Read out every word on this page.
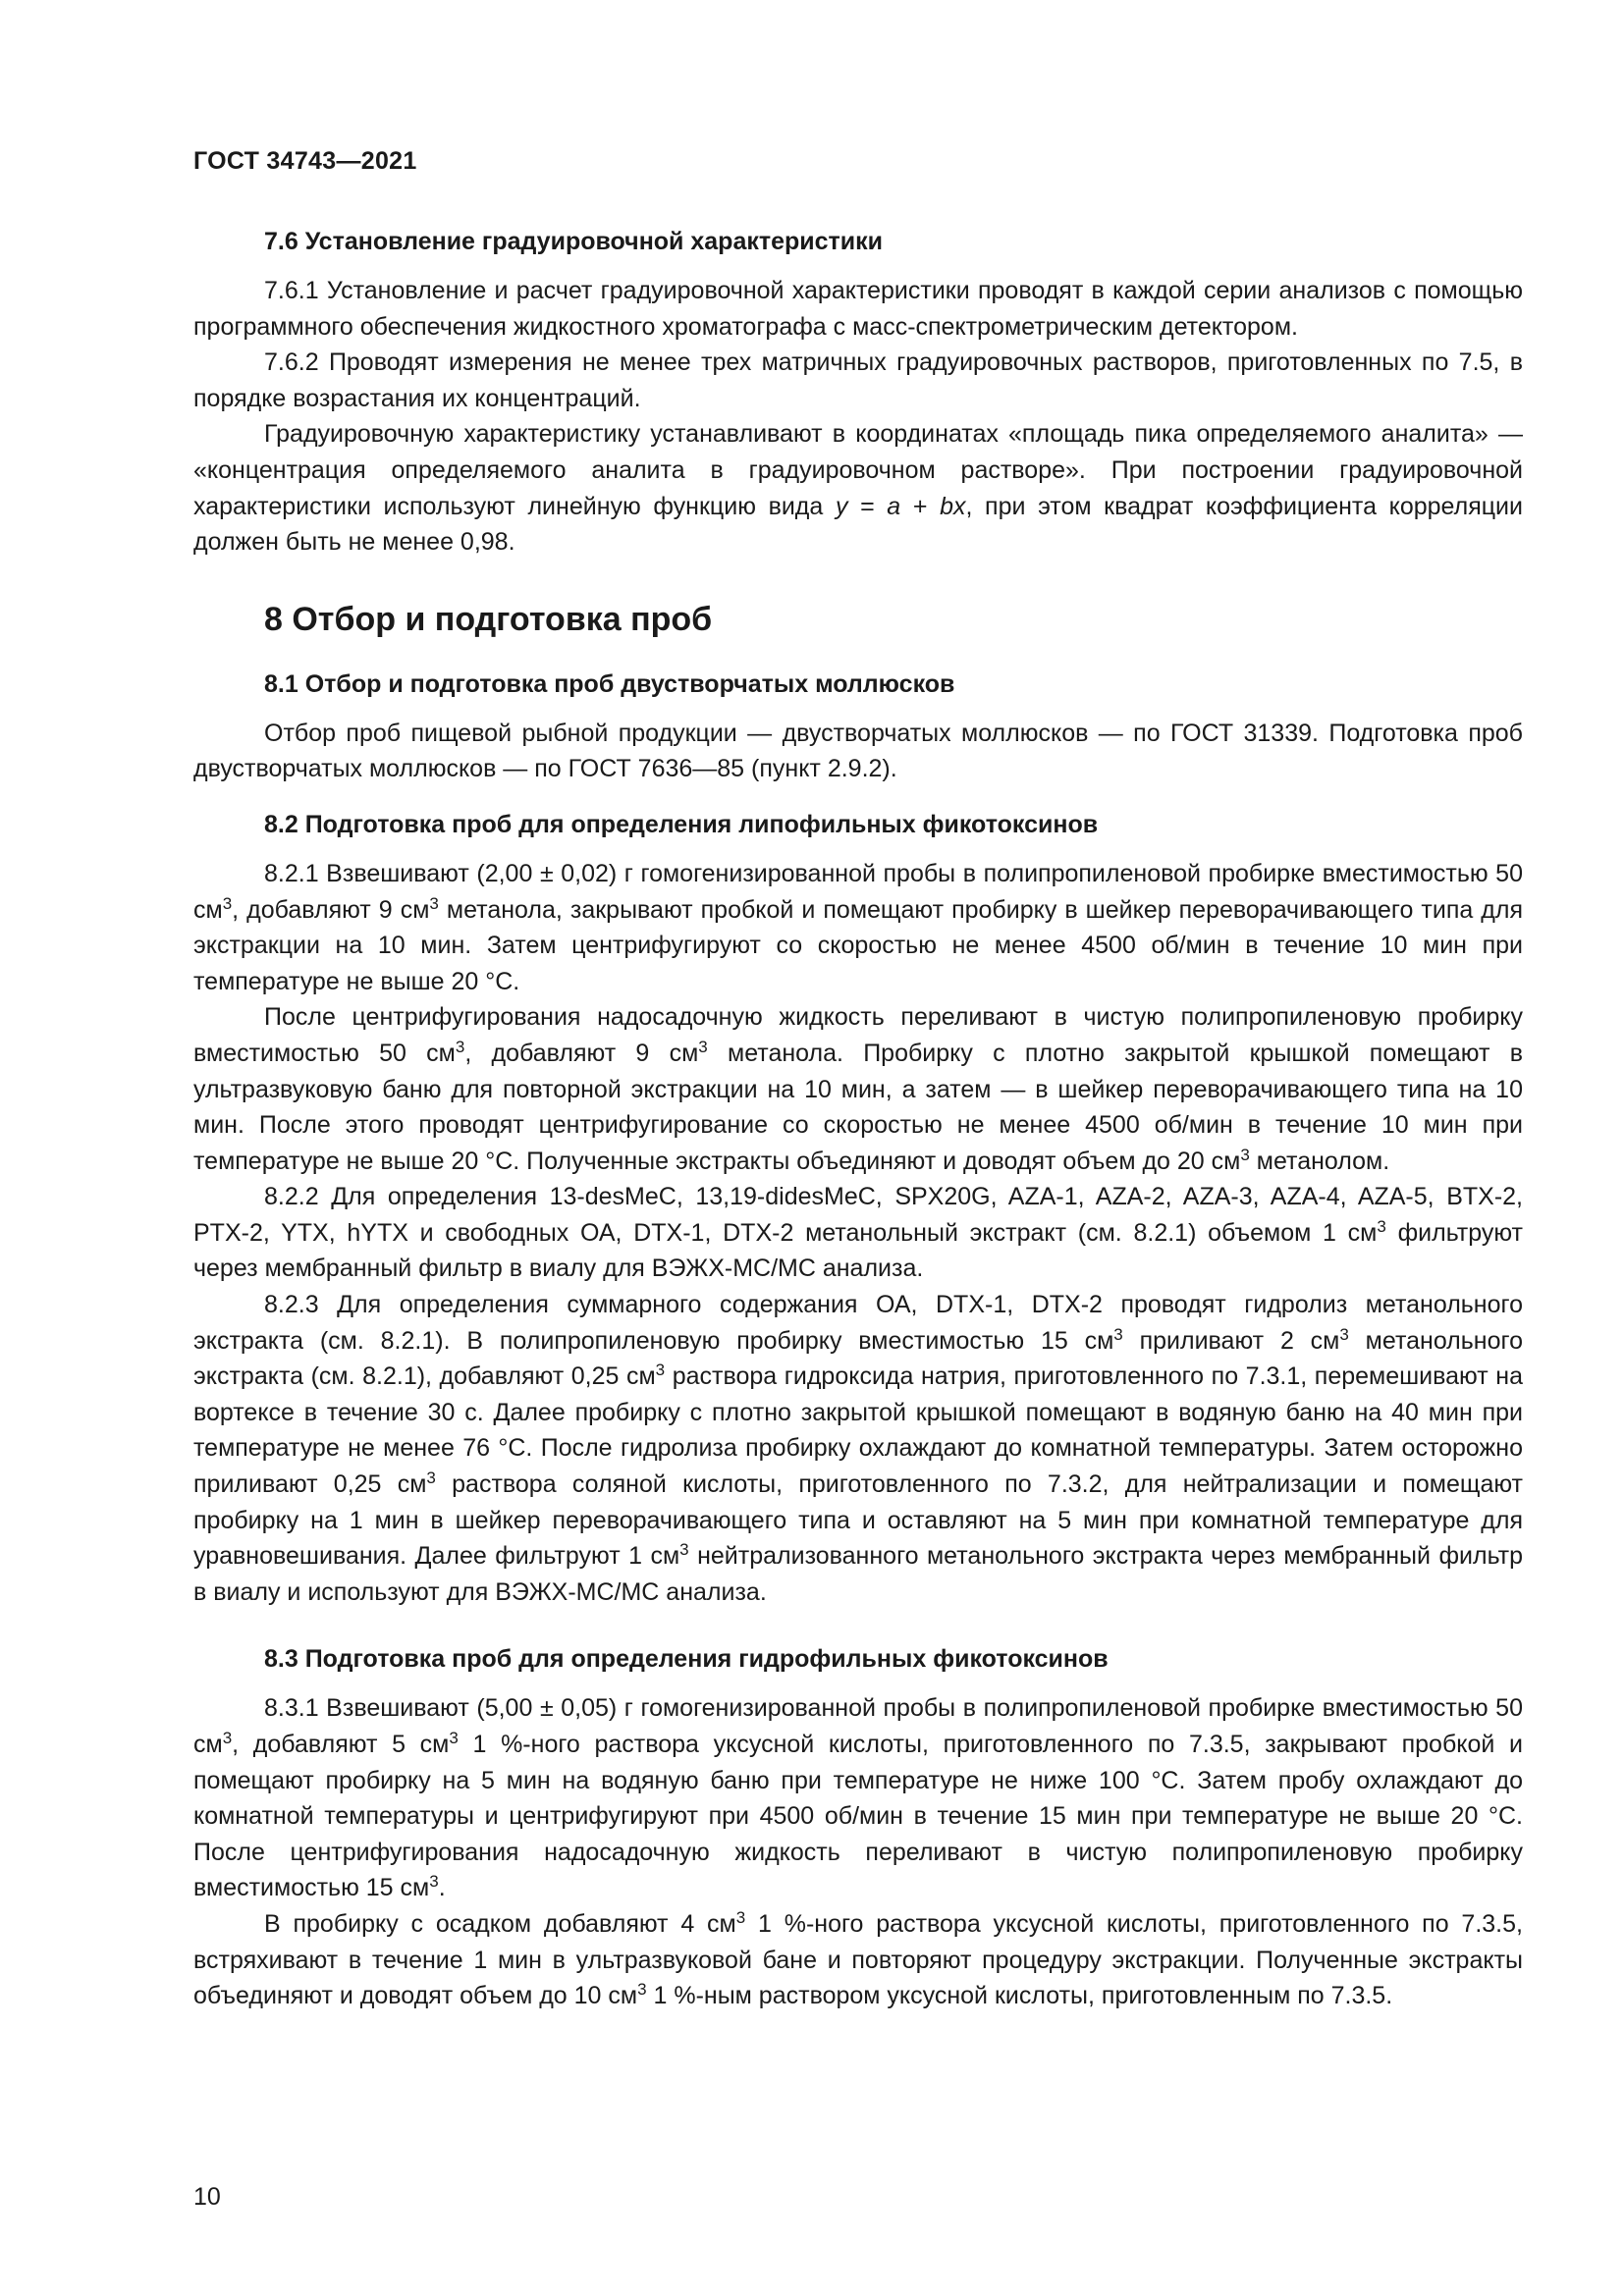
ГОСТ 34743—2021
7.6 Установление градуировочной характеристики

7.6.1 Установление и расчет градуировочной характеристики проводят в каждой серии анализов с помощью программного обеспечения жидкостного хроматографа с масс-спектрометрическим детектором.

7.6.2 Проводят измерения не менее трех матричных градуировочных растворов, приготовленных по 7.5, в порядке возрастания их концентраций.

Градуировочную характеристику устанавливают в координатах «площадь пика определяемого аналита» — «концентрация определяемого аналита в градуировочном растворе». При построении градуировочной характеристики используют линейную функцию вида y = a + bx, при этом квадрат коэффициента корреляции должен быть не менее 0,98.

8 Отбор и подготовка проб
8.1 Отбор и подготовка проб двустворчатых моллюсков

Отбор проб пищевой рыбной продукции — двустворчатых моллюсков — по ГОСТ 31339. Подготовка проб двустворчатых моллюсков — по ГОСТ 7636—85 (пункт 2.9.2).

8.2 Подготовка проб для определения липофильных фикотоксинов

8.2.1 Взвешивают (2,00 ± 0,02) г гомогенизированной пробы в полипропиленовой пробирке вместимостью 50 $см^3$, добавляют 9 $см^3$ метанола, закрывают пробкой и помещают пробирку в шейкер переворачивающего типа для экстракции на 10 мин. Затем центрифугируют со скоростью не менее 4500 об/мин в течение 10 мин при температуре не выше 20 °С.

После центрифугирования надосадочную жидкость переливают в чистую полипропиленовую пробирку вместимостью 50 $см^3$, добавляют 9 $см^3$ метанола. Пробирку с плотно закрытой крышкой помещают в ультразвуковую баню для повторной экстракции на 10 мин, а затем — в шейкер переворачивающего типа на 10 мин. После этого проводят центрифугирование со скоростью не менее 4500 об/мин в течение 10 мин при температуре не выше 20 °С. Полученные экстракты объединяют и доводят объем до 20 $см^3$ метанолом.

8.2.2 Для определения 13-desMeC, 13,19-didesMeC, SPX20G, AZA-1, AZA-2, AZA-3, AZA-4, AZA-5, BTX-2, PTX-2, YTX, hYTX и свободных ОА, DTX-1, DTX-2 метанольный экстракт (см. 8.2.1) объемом 1 $см^3$ фильтруют через мембранный фильтр в виалу для ВЭЖХ-МС/МС анализа.

8.2.3 Для определения суммарного содержания ОА, DTX-1, DTX-2 проводят гидролиз метанольного экстракта (см. 8.2.1). В полипропиленовую пробирку вместимостью 15 $см^3$ приливают 2 $см^3$ метанольного экстракта (см. 8.2.1), добавляют 0,25 $см^3$ раствора гидроксида натрия, приготовленного по 7.3.1, перемешивают на вортексе в течение 30 с. Далее пробирку с плотно закрытой крышкой помещают в водяную баню на 40 мин при температуре не менее 76 °С. После гидролиза пробирку охлаждают до комнатной температуры. Затем осторожно приливают 0,25 $см^3$ раствора соляной кислоты, приготовленного по 7.3.2, для нейтрализации и помещают пробирку на 1 мин в шейкер переворачивающего типа и оставляют на 5 мин при комнатной температуре для уравновешивания. Далее фильтруют 1 $см^3$ нейтрализованного метанольного экстракта через мембранный фильтр в виалу и используют для ВЭЖХ-МС/МС анализа.

8.3 Подготовка проб для определения гидрофильных фикотоксинов

8.3.1 Взвешивают (5,00 ± 0,05) г гомогенизированной пробы в полипропиленовой пробирке вместимостью 50 $см^3$, добавляют 5 $см^3$ 1 %-ного раствора уксусной кислоты, приготовленного по 7.3.5, закрывают пробкой и помещают пробирку на 5 мин на водяную баню при температуре не ниже 100 °С. Затем пробу охлаждают до комнатной температуры и центрифугируют при 4500 об/мин в течение 15 мин при температуре не выше 20 °С. После центрифугирования надосадочную жидкость переливают в чистую полипропиленовую пробирку вместимостью 15 $см^3$.

В пробирку с осадком добавляют 4 $см^3$ 1 %-ного раствора уксусной кислоты, приготовленного по 7.3.5, встряхивают в течение 1 мин в ультразвуковой бане и повторяют процедуру экстракции. Полученные экстракты объединяют и доводят объем до 10 $см^3$ 1 %-ным раствором уксусной кислоты, приготовленным по 7.3.5.

10
